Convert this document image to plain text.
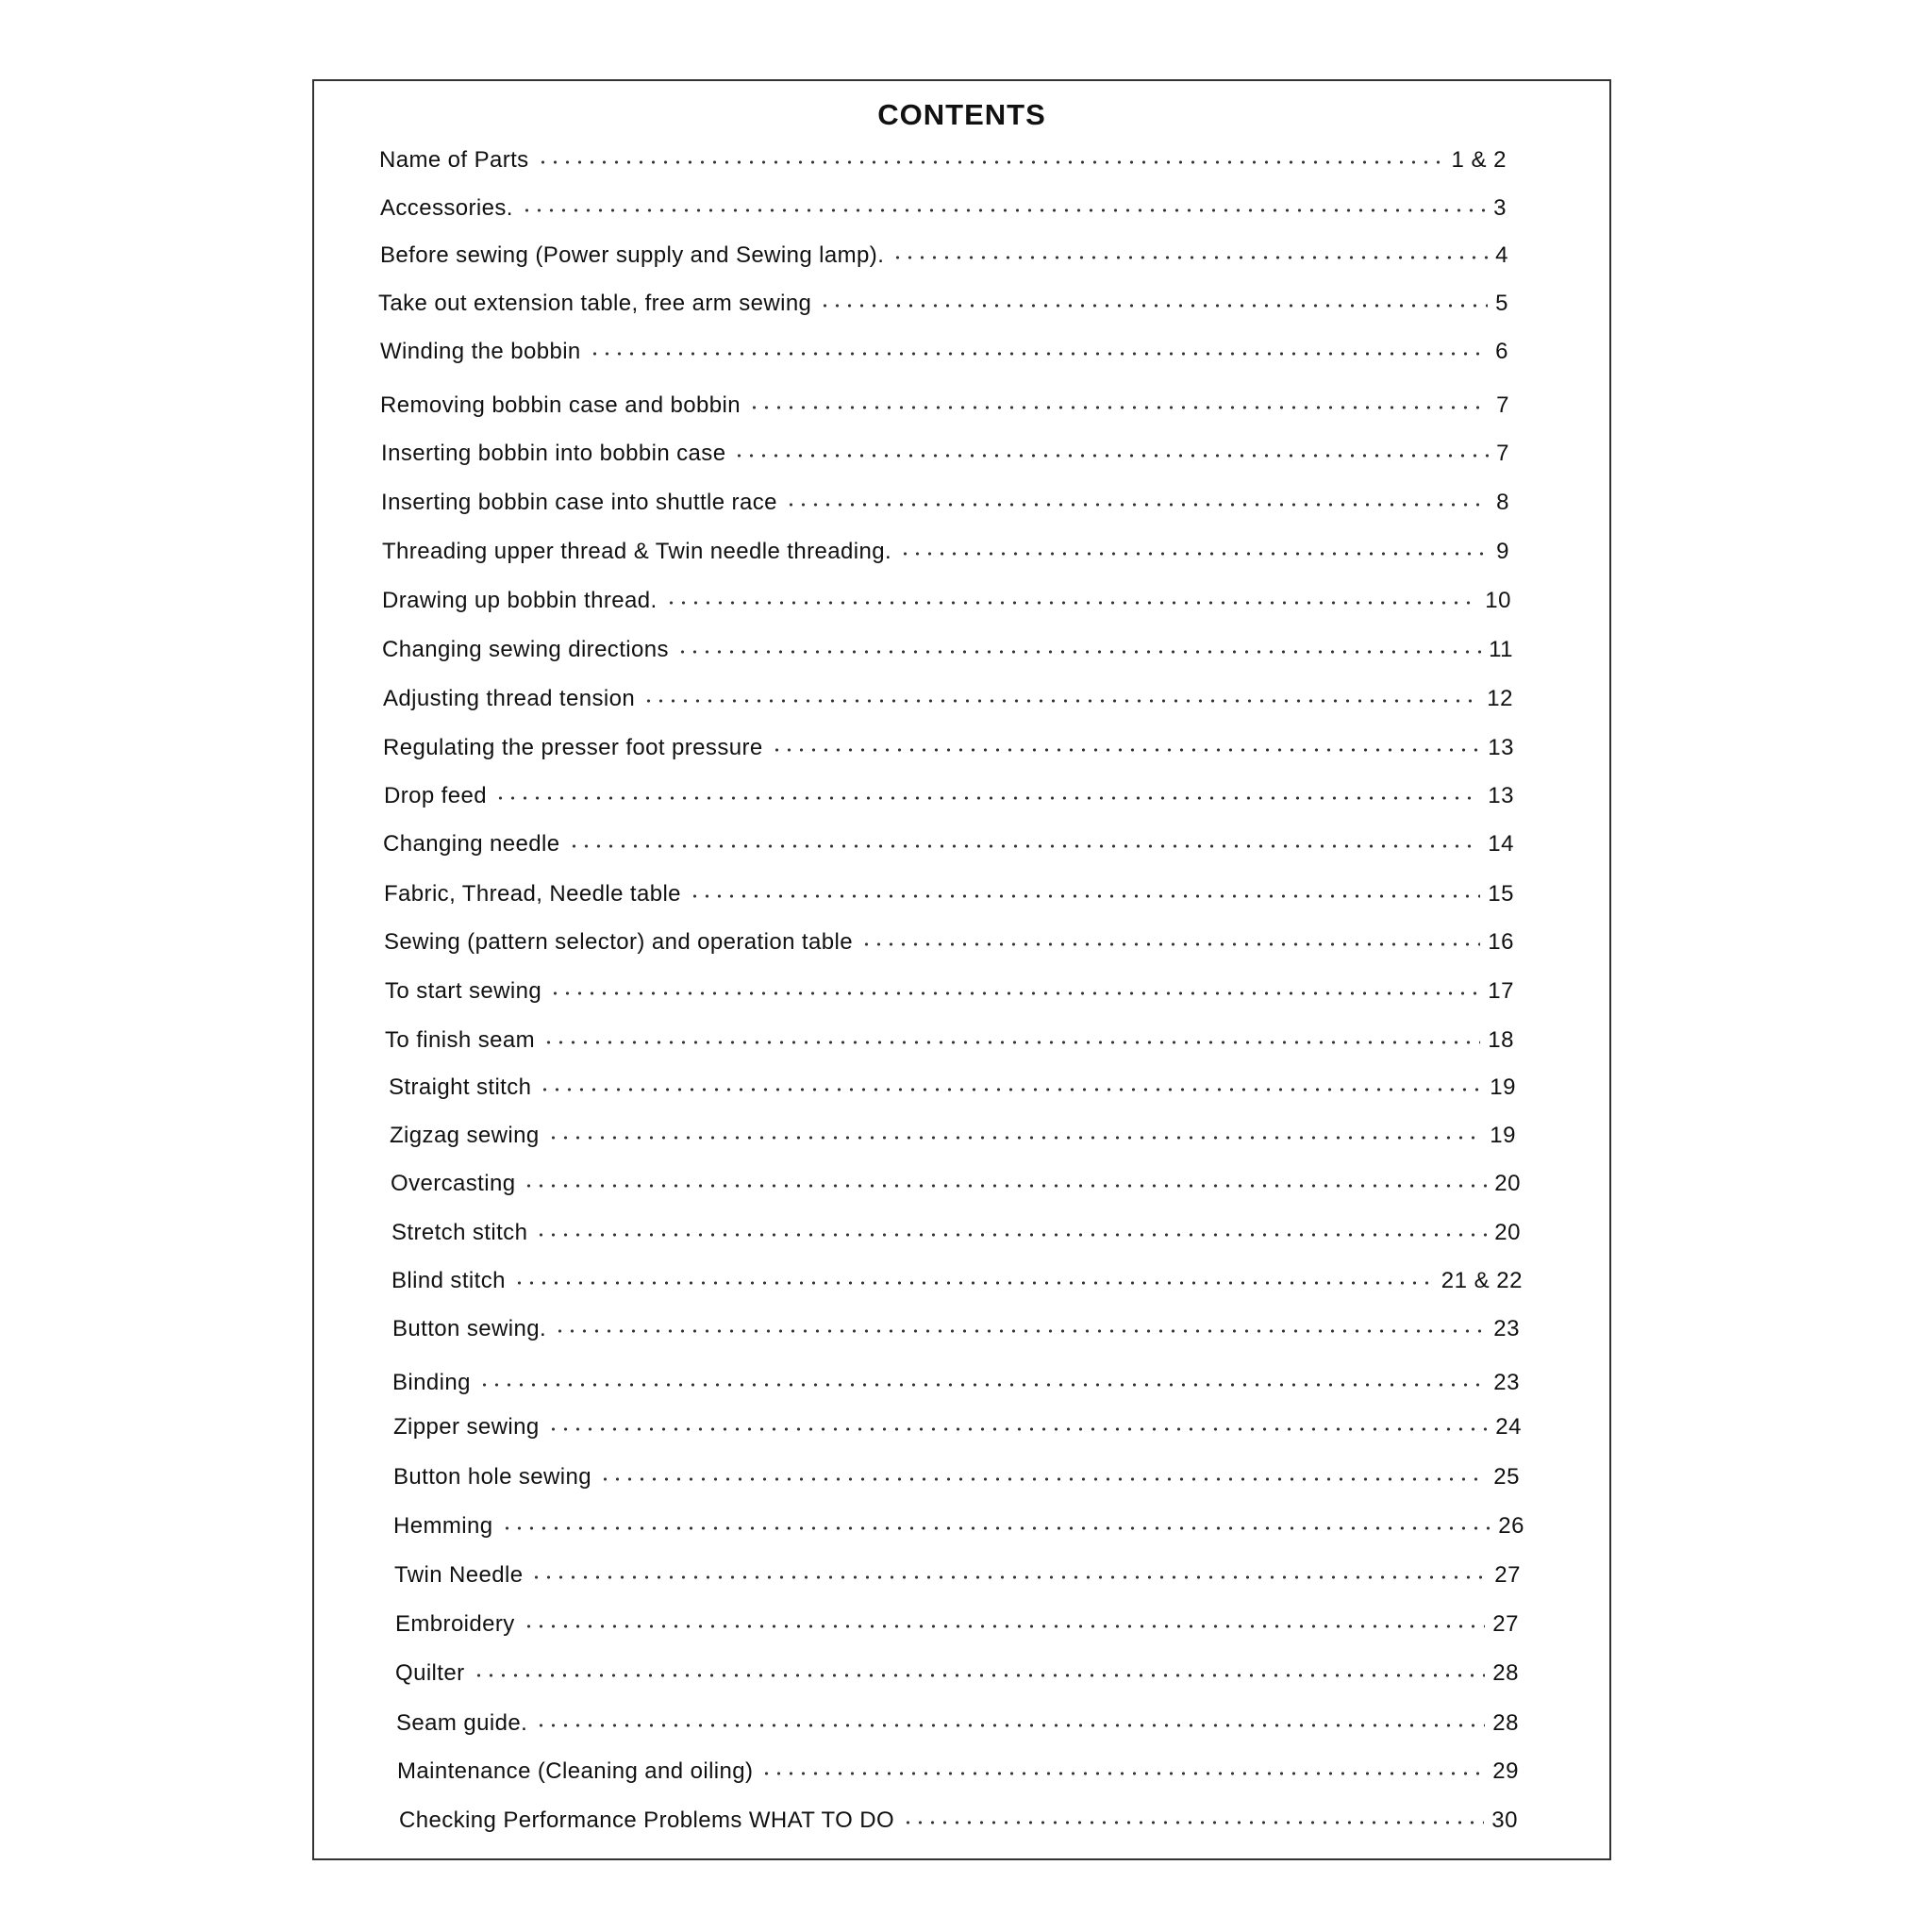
CONTENTS
Name of Parts	1 & 2
Accessories.	3
Before sewing (Power supply and Sewing lamp).	4
Take out extension table, free arm sewing	5
Winding the bobbin	6
Removing bobbin case and bobbin	7
Inserting bobbin into bobbin case	7
Inserting bobbin case into shuttle race	8
Threading upper thread & Twin needle threading.	9
Drawing up bobbin thread.	10
Changing sewing directions	11
Adjusting thread tension	12
Regulating the presser foot pressure	13
Drop feed	13
Changing needle	14
Fabric, Thread, Needle table	15
Sewing (pattern selector) and operation table	16
To start sewing	17
To finish seam	18
Straight stitch	19
Zigzag sewing	19
Overcasting	20
Stretch stitch	20
Blind stitch	21 & 22
Button sewing.	23
Binding	23
Zipper sewing	24
Button hole sewing	25
Hemming	26
Twin Needle	27
Embroidery	27
Quilter	28
Seam guide.	28
Maintenance (Cleaning and oiling)	29
Checking Performance Problems WHAT TO DO	30
